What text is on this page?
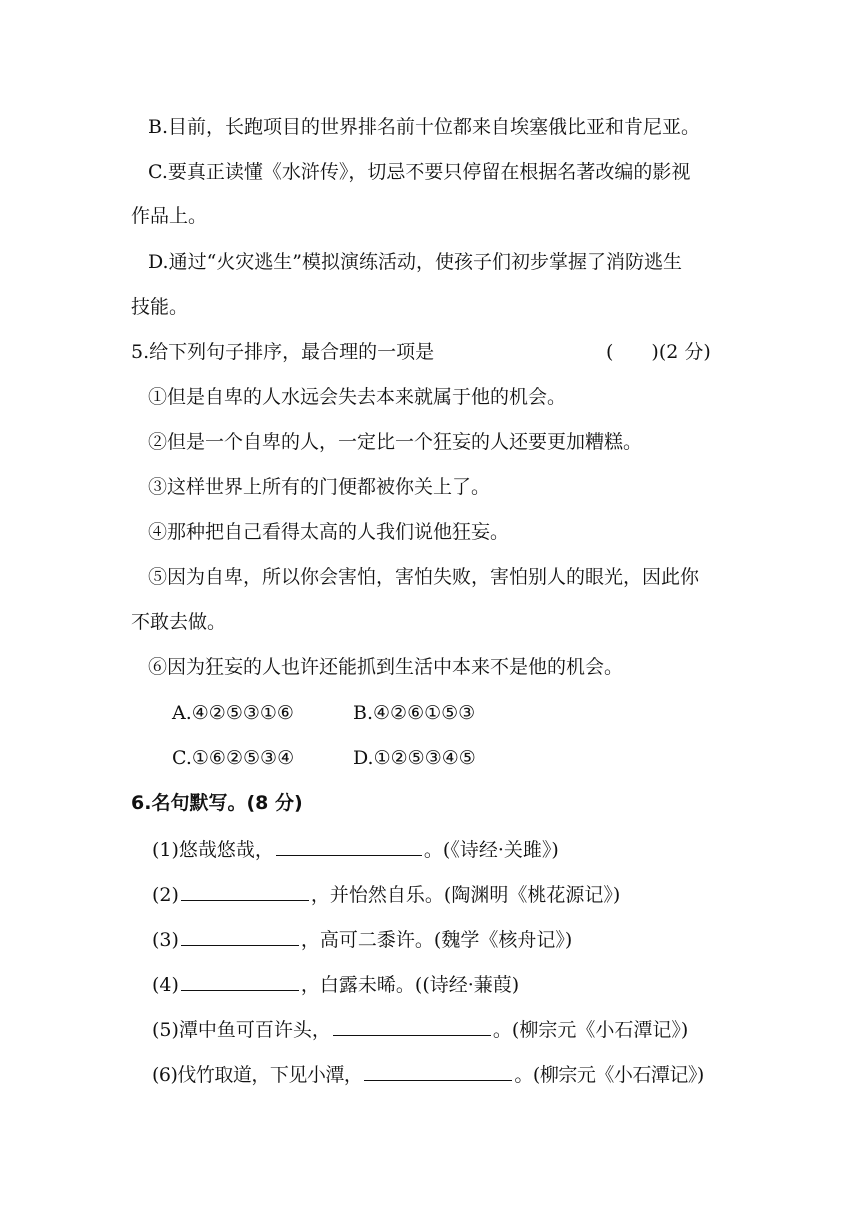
B.目前，长跑项目的世界排名前十位都来自埃塞俄比亚和肯尼亚。

C.要真正读懂《水浒传》，切忌不要只停留在根据名著改编的影视

作品上。

D.通过“火灾逃生”模拟演练活动，使孩子们初步掌握了消防逃生

技能。

5.给下列句子排序，最合理的一项是	(　　)(2 分)

①但是自卑的人水远会失去本来就属于他的机会。

②但是一个自卑的人，一定比一个狂妄的人还要更加糟糕。

③这样世界上所有的门便都被你关上了。

④那种把自己看得太高的人我们说他狂妄。

⑤因为自卑，所以你会害怕，害怕失败，害怕别人的眼光，因此你

不敢去做。

⑥因为狂妄的人也许还能抓到生活中本来不是他的机会。

A.④②⑤③①⑥	B.④②⑥①⑤③
C.①⑥②⑤③④	D.①②⑤③④⑤

6.名句默写。(8 分)

(1)悠哉悠哉，	。(《诗经·关雎》)

(2)	，并怡然自乐。(陶渊明《桃花源记》)

(3)	，高可二黍许。(魏学《核舟记》)

(4)	，白露未晞。((诗经·蒹葭)

(5)潭中鱼可百许头，	。(柳宗元《小石潭记》)

(6)伐竹取道，下见小潭，	。(柳宗元《小石潭记》)
